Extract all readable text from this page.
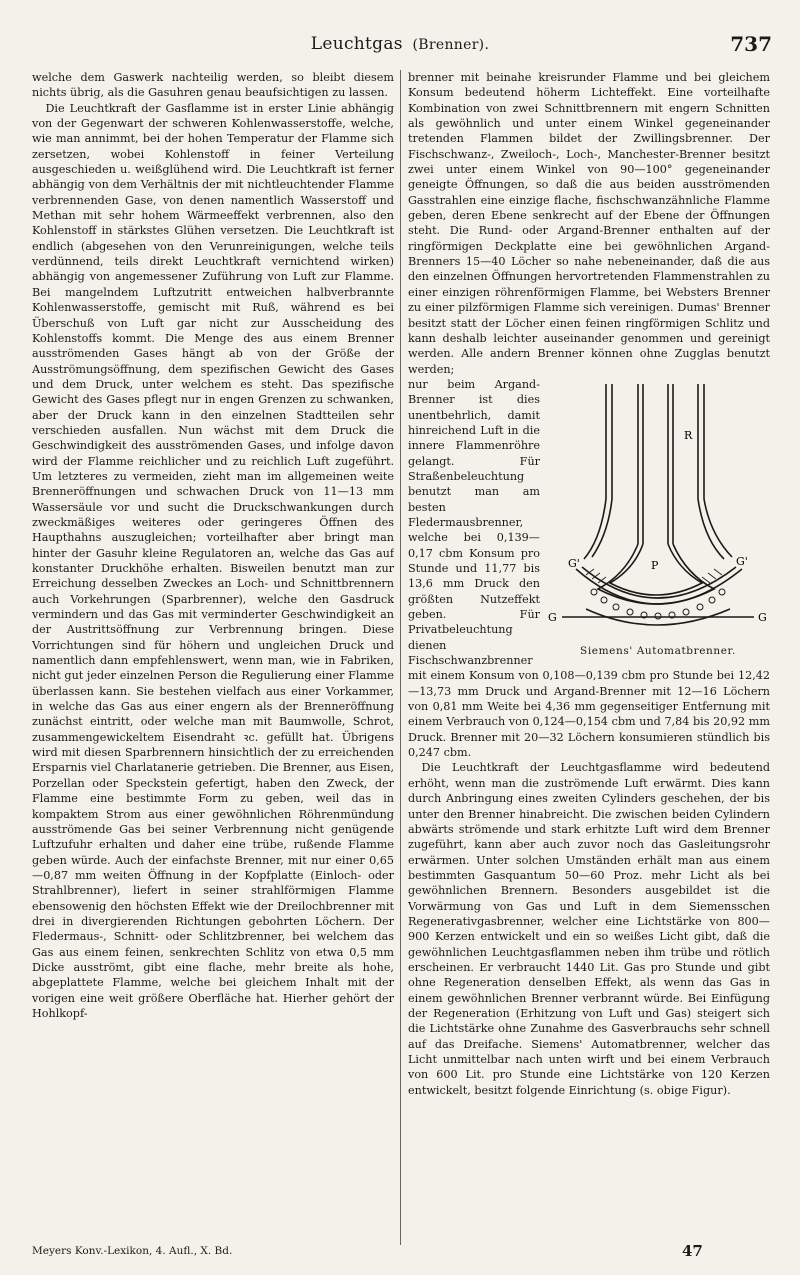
Leuchtgas (Brenner).	737

welche dem Gaswerk nachteilig werden, so bleibt diesem nichts übrig, als die Gasuhren genau beaufsichtigen zu lassen.

Die Leuchtkraft der Gasflamme ist in erster Linie abhängig von der Gegenwart der schweren Kohlenwasserstoffe, welche, wie man annimmt, bei der hohen Temperatur der Flamme sich zersetzen, wobei Kohlenstoff in feiner Verteilung ausgeschieden u. weißglühend wird. Die Leuchtkraft ist ferner abhängig von dem Verhältnis der mit nichtleuchtender Flamme verbrennenden Gase, von denen namentlich Wasserstoff und Methan mit sehr hohem Wärmeeffekt verbrennen, also den Kohlenstoff in stärkstes Glühen versetzen. Die Leuchtkraft ist endlich (abgesehen von den Verunreinigungen, welche teils verdünnend, teils direkt Leuchtkraft vernichtend wirken) abhängig von angemessener Zuführung von Luft zur Flamme. Bei mangelndem Luftzutritt entweichen halbverbrannte Kohlenwasserstoffe, gemischt mit Ruß, während es bei Überschuß von Luft gar nicht zur Ausscheidung des Kohlenstoffs kommt. Die Menge des aus einem Brenner ausströmenden Gases hängt ab von der Größe der Ausströmungsöffnung, dem spezifischen Gewicht des Gases und dem Druck, unter welchem es steht. Das spezifische Gewicht des Gases pflegt nur in engen Grenzen zu schwanken, aber der Druck kann in den einzelnen Stadtteilen sehr verschieden ausfallen. Nun wächst mit dem Druck die Geschwindigkeit des ausströmenden Gases, und infolge davon wird der Flamme reichlicher und zu reichlich Luft zugeführt. Um letzteres zu vermeiden, zieht man im allgemeinen weite Brenneröffnungen und schwachen Druck von 11—13 mm Wassersäule vor und sucht die Druckschwankungen durch zweckmäßiges weiteres oder geringeres Öffnen des Haupthahns auszugleichen; vorteilhafter aber bringt man hinter der Gasuhr kleine Regulatoren an, welche das Gas auf konstanter Druckhöhe erhalten. Bisweilen benutzt man zur Erreichung desselben Zweckes an Loch- und Schnittbrennern auch Vorkehrungen (Sparbrenner), welche den Gasdruck vermindern und das Gas mit verminderter Geschwindigkeit an der Austrittsöffnung zur Verbrennung bringen. Diese Vorrichtungen sind für höhern und ungleichen Druck und namentlich dann empfehlenswert, wenn man, wie in Fabriken, nicht gut jeder einzelnen Person die Regulierung einer Flamme überlassen kann. Sie bestehen vielfach aus einer Vorkammer, in welche das Gas aus einer engern als der Brenneröffnung zunächst eintritt, oder welche man mit Baumwolle, Schrot, zusammengewickeltem Eisendraht ꝛc. gefüllt hat. Übrigens wird mit diesen Sparbrennern hinsichtlich der zu erreichenden Ersparnis viel Charlatanerie getrieben. Die Brenner, aus Eisen, Porzellan oder Speckstein gefertigt, haben den Zweck, der Flamme eine bestimmte Form zu geben, weil das in kompaktem Strom aus einer gewöhnlichen Röhrenmündung ausströmende Gas bei seiner Verbrennung nicht genügende Luftzufuhr erhalten und daher eine trübe, rußende Flamme geben würde. Auch der einfachste Brenner, mit nur einer 0,65—0,87 mm weiten Öffnung in der Kopfplatte (Einloch- oder Strahlbrenner), liefert in seiner strahlförmigen Flamme ebensowenig den höchsten Effekt wie der Dreilochbrenner mit drei in divergierenden Richtungen gebohrten Löchern. Der Fledermaus-, Schnitt- oder Schlitzbrenner, bei welchem das Gas aus einem feinen, senkrechten Schlitz von etwa 0,5 mm Dicke ausströmt, gibt eine flache, mehr breite als hohe, abgeplattete Flamme, welche bei gleichem Inhalt mit der vorigen eine weit größere Oberfläche hat. Hierher gehört der Hohlkopf-

brenner mit beinahe kreisrunder Flamme und bei gleichem Konsum bedeutend höherm Lichteffekt. Eine vorteilhafte Kombination von zwei Schnittbrennern mit engern Schnitten als gewöhnlich und unter einem Winkel gegeneinander tretenden Flammen bildet der Zwillingsbrenner. Der Fischschwanz-, Zweiloch-, Loch-, Manchester-Brenner besitzt zwei unter einem Winkel von 90—100° gegeneinander geneigte Öffnungen, so daß die aus beiden ausströmenden Gasstrahlen eine einzige flache, fischschwanzähnliche Flamme geben, deren Ebene senkrecht auf der Ebene der Öffnungen steht. Die Rund- oder Argand-Brenner enthalten auf der ringförmigen Deckplatte eine bei gewöhnlichen Argand-Brenners 15—40 Löcher so nahe nebeneinander, daß die aus den einzelnen Öffnungen hervortretenden Flammenstrahlen zu einer einzigen röhrenförmigen Flamme, bei Websters Brenner zu einer pilzförmigen Flamme sich vereinigen. Dumas' Brenner besitzt statt der Löcher einen feinen ringförmigen Schlitz und kann deshalb leichter auseinander genommen und gereinigt werden. Alle andern Brenner können ohne Zugglas benutzt werden;

R
P
G'	G'
G	G
Siemens' Automatbrenner.

nur beim Argand-Brenner ist dies unentbehrlich, damit hinreichend Luft in die innere Flammenröhre gelangt. Für Straßenbeleuchtung benutzt man am besten Fledermausbrenner, welche bei 0,139—0,17 cbm Konsum pro Stunde und 11,77 bis 13,6 mm Druck den größten Nutzeffekt geben. Für Privatbeleuchtung dienen Fischschwanzbrenner mit einem Konsum von 0,108—0,139 cbm pro Stunde bei 12,42—13,73 mm Druck und Argand-Brenner mit 12—16 Löchern von 0,81 mm Weite bei 4,36 mm gegenseitiger Entfernung mit einem Verbrauch von 0,124—0,154 cbm und 7,84 bis 20,92 mm Druck. Brenner mit 20—32 Löchern konsumieren stündlich bis 0,247 cbm.

Die Leuchtkraft der Leuchtgasflamme wird bedeutend erhöht, wenn man die zuströmende Luft erwärmt. Dies kann durch Anbringung eines zweiten Cylinders geschehen, der bis unter den Brenner hinabreicht. Die zwischen beiden Cylindern abwärts strömende und stark erhitzte Luft wird dem Brenner zugeführt, kann aber auch zuvor noch das Gasleitungsrohr erwärmen. Unter solchen Umständen erhält man aus einem bestimmten Gasquantum 50—60 Proz. mehr Licht als bei gewöhnlichen Brennern. Besonders ausgebildet ist die Vorwärmung von Gas und Luft in dem Siemensschen Regenerativgasbrenner, welcher eine Lichtstärke von 800—900 Kerzen entwickelt und ein so weißes Licht gibt, daß die gewöhnlichen Leuchtgasflammen neben ihm trübe und rötlich erscheinen. Er verbraucht 1440 Lit. Gas pro Stunde und gibt ohne Regeneration denselben Effekt, als wenn das Gas in einem gewöhnlichen Brenner verbrannt würde. Bei Einfügung der Regeneration (Erhitzung von Luft und Gas) steigert sich die Lichtstärke ohne Zunahme des Gasverbrauchs sehr schnell auf das Dreifache. Siemens' Automatbrenner, welcher das Licht unmittelbar nach unten wirft und bei einem Verbrauch von 600 Lit. pro Stunde eine Lichtstärke von 120 Kerzen entwickelt, besitzt folgende Einrichtung (s. obige Figur).

Meyers Konv.-Lexikon, 4. Aufl., X. Bd.	47
